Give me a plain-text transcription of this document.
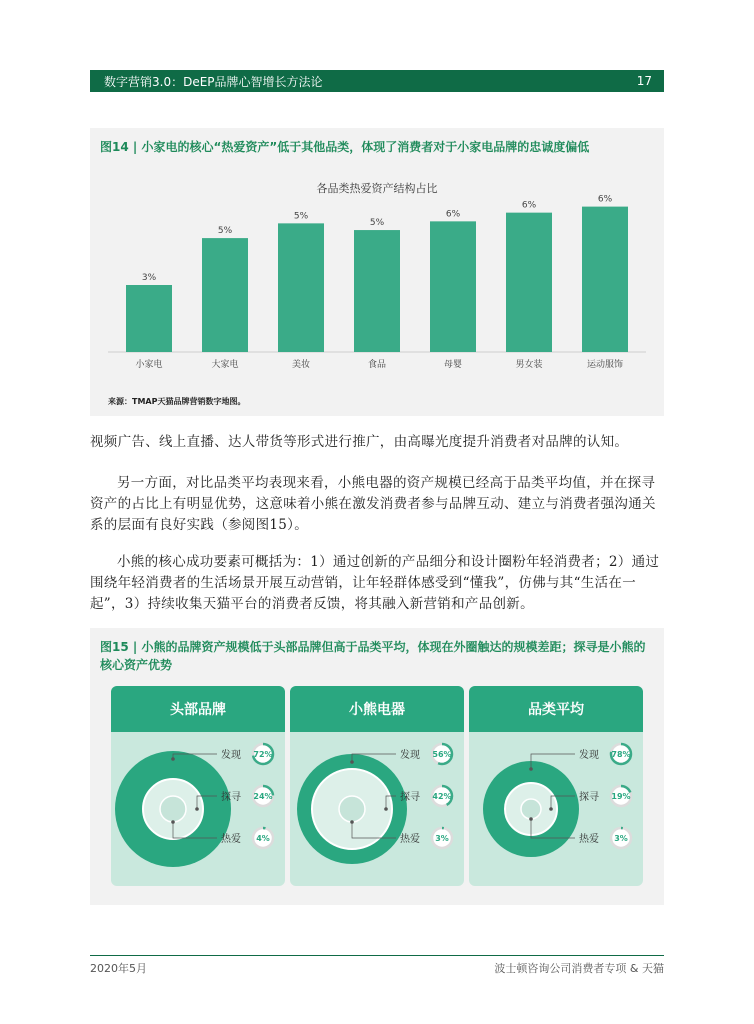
数字营销3.0：DeEP品牌心智增长方法论	17
图14 | 小家电的核心“热爱资产”低于其他品类，体现了消费者对于小家电品牌的忠诚度偏低
各品类热爱资产结构占比
3%
小家电
5%
大家电
5%
美妆
5%
食品
6%
母婴
6%
男女装
6%
运动服饰
来源：TMAP天猫品牌营销数字地图。
视频广告、线上直播、达人带货等形式进行推广，由高曝光度提升消费者对品牌的认知。
另一方面，对比品类平均表现来看，小熊电器的资产规模已经高于品类平均值，并在探寻资产的占比上有明显优势，这意味着小熊在激发消费者参与品牌互动、建立与消费者强沟通关系的层面有良好实践（参阅图15）。
小熊的核心成功要素可概括为：1）通过创新的产品细分和设计圈粉年轻消费者；2）通过围绕年轻消费者的生活场景开展互动营销，让年轻群体感受到“懂我”，仿佛与其“生活在一起”，3）持续收集天猫平台的消费者反馈，将其融入新营销和产品创新。
图15 | 小熊的品牌资产规模低于头部品牌但高于品类平均，体现在外圈触达的规模差距；探寻是小熊的核心资产优势
头部品牌
发现 72%
探寻 24%
热爱 4%
小熊电器
发现 56%
探寻 42%
热爱 3%
品类平均
发现 78%
探寻 19%
热爱 3%
2020年5月	波士顿咨询公司消费者专项 & 天猫
